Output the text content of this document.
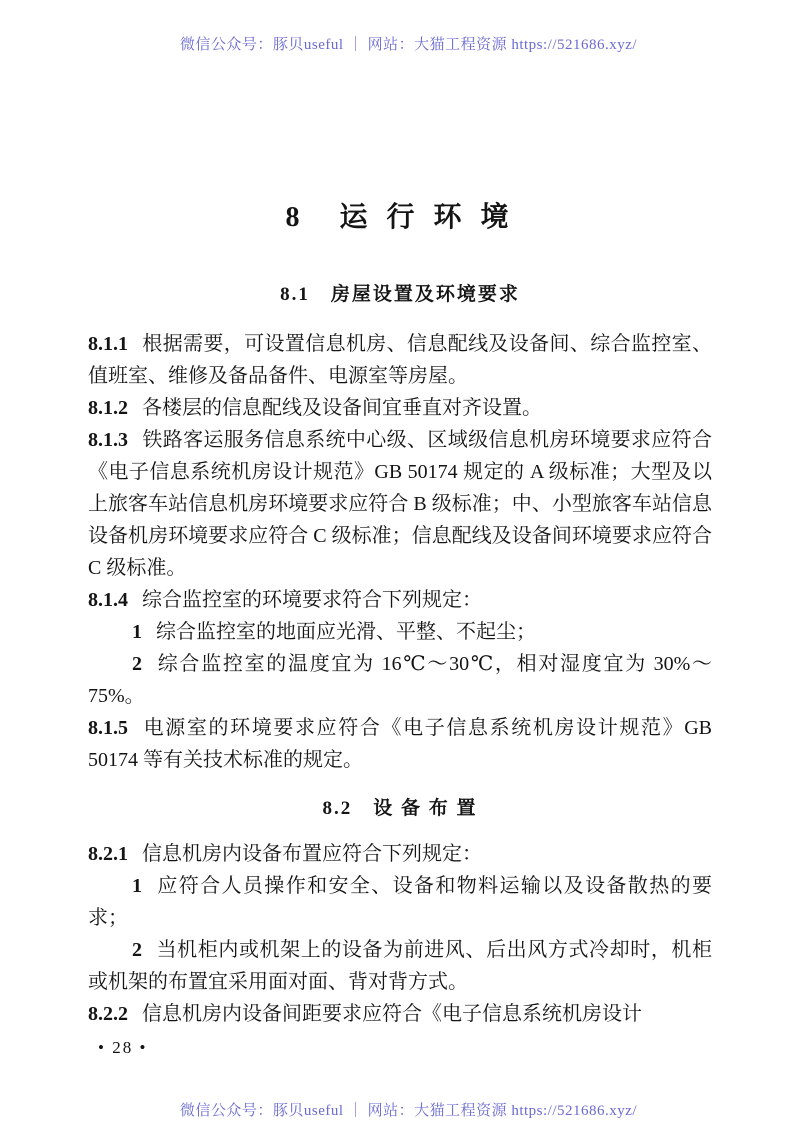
微信公众号：豚贝useful ｜ 网站：大猫工程资源 https://521686.xyz/

8　运 行 环 境
8.1　房屋设置及环境要求

8.1.1 根据需要，可设置信息机房、信息配线及设备间、综合监控室、值班室、维修及备品备件、电源室等房屋。

8.1.2 各楼层的信息配线及设备间宜垂直对齐设置。

8.1.3 铁路客运服务信息系统中心级、区域级信息机房环境要求应符合《电子信息系统机房设计规范》GB 50174 规定的 A 级标准；大型及以上旅客车站信息机房环境要求应符合 B 级标准；中、小型旅客车站信息设备机房环境要求应符合 C 级标准；信息配线及设备间环境要求应符合 C 级标准。

8.1.4 综合监控室的环境要求符合下列规定：

1 综合监控室的地面应光滑、平整、不起尘；

2 综合监控室的温度宜为 16℃～30℃，相对湿度宜为 30%～75%。

8.1.5 电源室的环境要求应符合《电子信息系统机房设计规范》GB 50174 等有关技术标准的规定。

8.2　设 备 布 置

8.2.1 信息机房内设备布置应符合下列规定：

1 应符合人员操作和安全、设备和物料运输以及设备散热的要求；

2 当机柜内或机架上的设备为前进风、后出风方式冷却时，机柜或机架的布置宜采用面对面、背对背方式。

8.2.2 信息机房内设备间距要求应符合《电子信息系统机房设计

• 28 •

微信公众号：豚贝useful ｜ 网站：大猫工程资源 https://521686.xyz/
